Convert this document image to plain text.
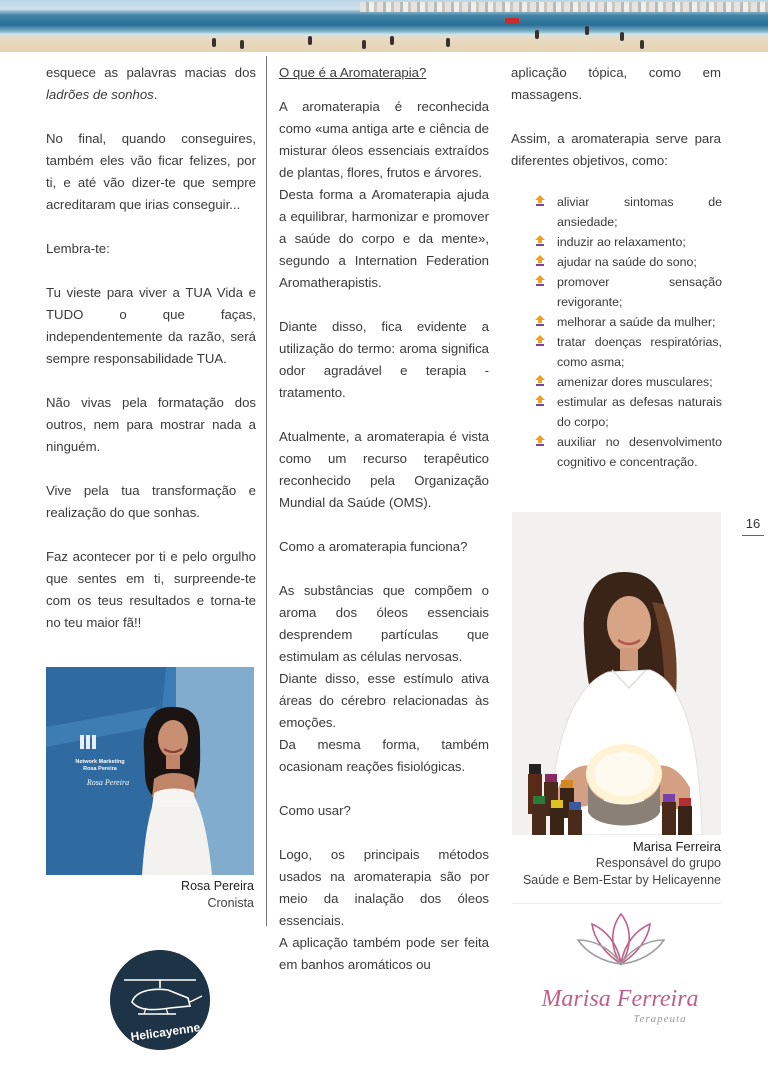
esquece as palavras macias dos ladrões de sonhos.

No final, quando conseguires, também eles vão ficar felizes, por ti, e até vão dizer-te que sempre acreditaram que irias conseguir...

Lembra-te:

Tu vieste para viver a TUA Vida e TUDO o que faças, independentemente da razão, será sempre responsabilidade TUA.

Não vivas pela formatação dos outros, nem para mostrar nada a ninguém.

Vive pela tua transformação e realização do que sonhas.

Faz acontecer por ti e pelo orgulho que sentes em ti, surpreende-te com os teus resultados e torna-te no teu maior fã!!

Network Marketing
Rosa Pereira
Rosa Pereira
Rosa Pereira
Cronista
Helicayenne

O que é a Aromaterapia?

A aromaterapia é reconhecida como «uma antiga arte e ciência de misturar óleos essenciais extraídos de plantas, flores, frutos e árvores.

Desta forma a Aromaterapia ajuda a equilibrar, harmonizar e promover a saúde do corpo e da mente», segundo a Internation Federation Aromatherapistis.

Diante disso, fica evidente a utilização do termo: aroma significa odor agradável e terapia - tratamento.

Atualmente, a aromaterapia é vista como um recurso terapêutico reconhecido pela Organização Mundial da Saúde (OMS).

Como a aromaterapia funciona?

As substâncias que compõem o aroma dos óleos essenciais desprendem partículas que estimulam as células nervosas.

Diante disso, esse estímulo ativa áreas do cérebro relacionadas às emoções.

Da mesma forma, também ocasionam reações fisiológicas.

Como usar?

Logo, os principais métodos usados na aromaterapia são por meio da inalação dos óleos essenciais.

A aplicação também pode ser feita em banhos aromáticos ou

aplicação tópica, como em massagens.

Assim, a aromaterapia serve para diferentes objetivos, como:

aliviar sintomas de ansiedade;
induzir ao relaxamento;
ajudar na saúde do sono;
promover sensação revigorante;
melhorar a saúde da mulher;
tratar doenças respiratórias, como asma;
amenizar dores musculares;
estimular as defesas naturais do corpo;
auxiliar no desenvolvimento cognitivo e concentração.
16
Marisa Ferreira
Responsável do grupo
Saúde e Bem-Estar by Helicayenne
Marisa Ferreira
Terapeuta
